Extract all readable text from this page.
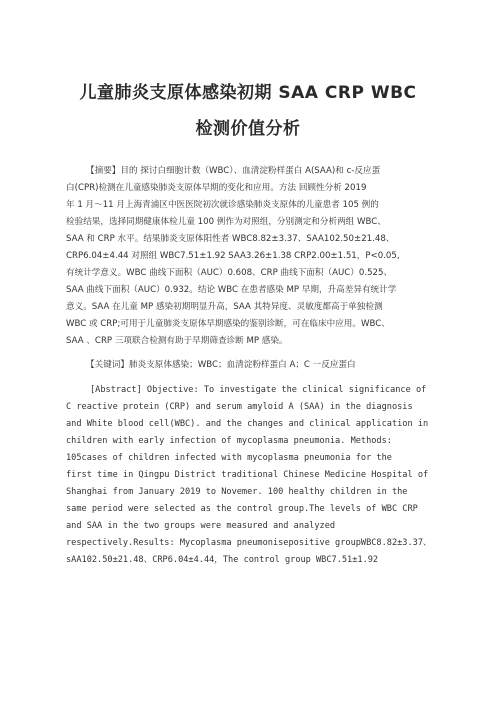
儿童肺炎支原体感染初期 SAA CRP WBC
检测价值分析
【摘要】目的 探讨白细胞计数（WBC）、血清淀粉样蛋白 A(SAA)和 c-反应蛋
白(CPR)检测在儿童感染肺炎支原体早期的变化和应用。方法 回顾性分析 2019
年 1 月～11 月上海青浦区中医医院初次就诊感染肺炎支原体的儿童患者 105 例的
检验结果，选择同期健康体检儿童 100 例作为对照组，分别测定和分析两组 WBC、
SAA 和 CRP 水平。结果肺炎支原体阳性者 WBC8.82±3.37、SAA102.50±21.48、
CRP6.04±4.44 对照组 WBC7.51±1.92 SAA3.26±1.38 CRP2.00±1.51，P<0.05,
有统计学意义。WBC 曲线下面积（AUC）0.608、CRP 曲线下面积（AUC）0.525、
SAA 曲线下面积（AUC）0.932。结论 WBC 在患者感染 MP 早期，升高差异有统计学
意义。SAA 在儿童 MP 感染初期明显升高，SAA 其特异度、灵敏度都高于单独检测
WBC 或 CRP;可用于儿童肺炎支原体早期感染的鉴别诊断，可在临床中应用。WBC、
SAA 、CRP 三项联合检测有助于早期筛查诊断 MP 感染。
【关键词】肺炎支原体感染；WBC；血清淀粉样蛋白 A；C 一反应蛋白
[Abstract] Objective: To investigate the clinical significance of
C reactive protein (CRP) and serum amyloid A (SAA) in the diagnosis
and White blood cell(WBC). and the changes and clinical application in
children with early infection of mycoplasma pneumonia. Methods:
105cases of children infected with mycoplasma pneumonia for the
first time in Qingpu District traditional Chinese Medicine Hospital of
Shanghai from January 2019 to Novemer. 100 healthy children in the
same period were selected as the control group.The levels of WBC CRP
and SAA in the two groups were measured and analyzed
respectively.Results: Mycoplasma pneumonisepositive groupWBC8.82±3.37、
sAA102.50±21.48、CRP6.04±4.44，The control group WBC7.51±1.92
